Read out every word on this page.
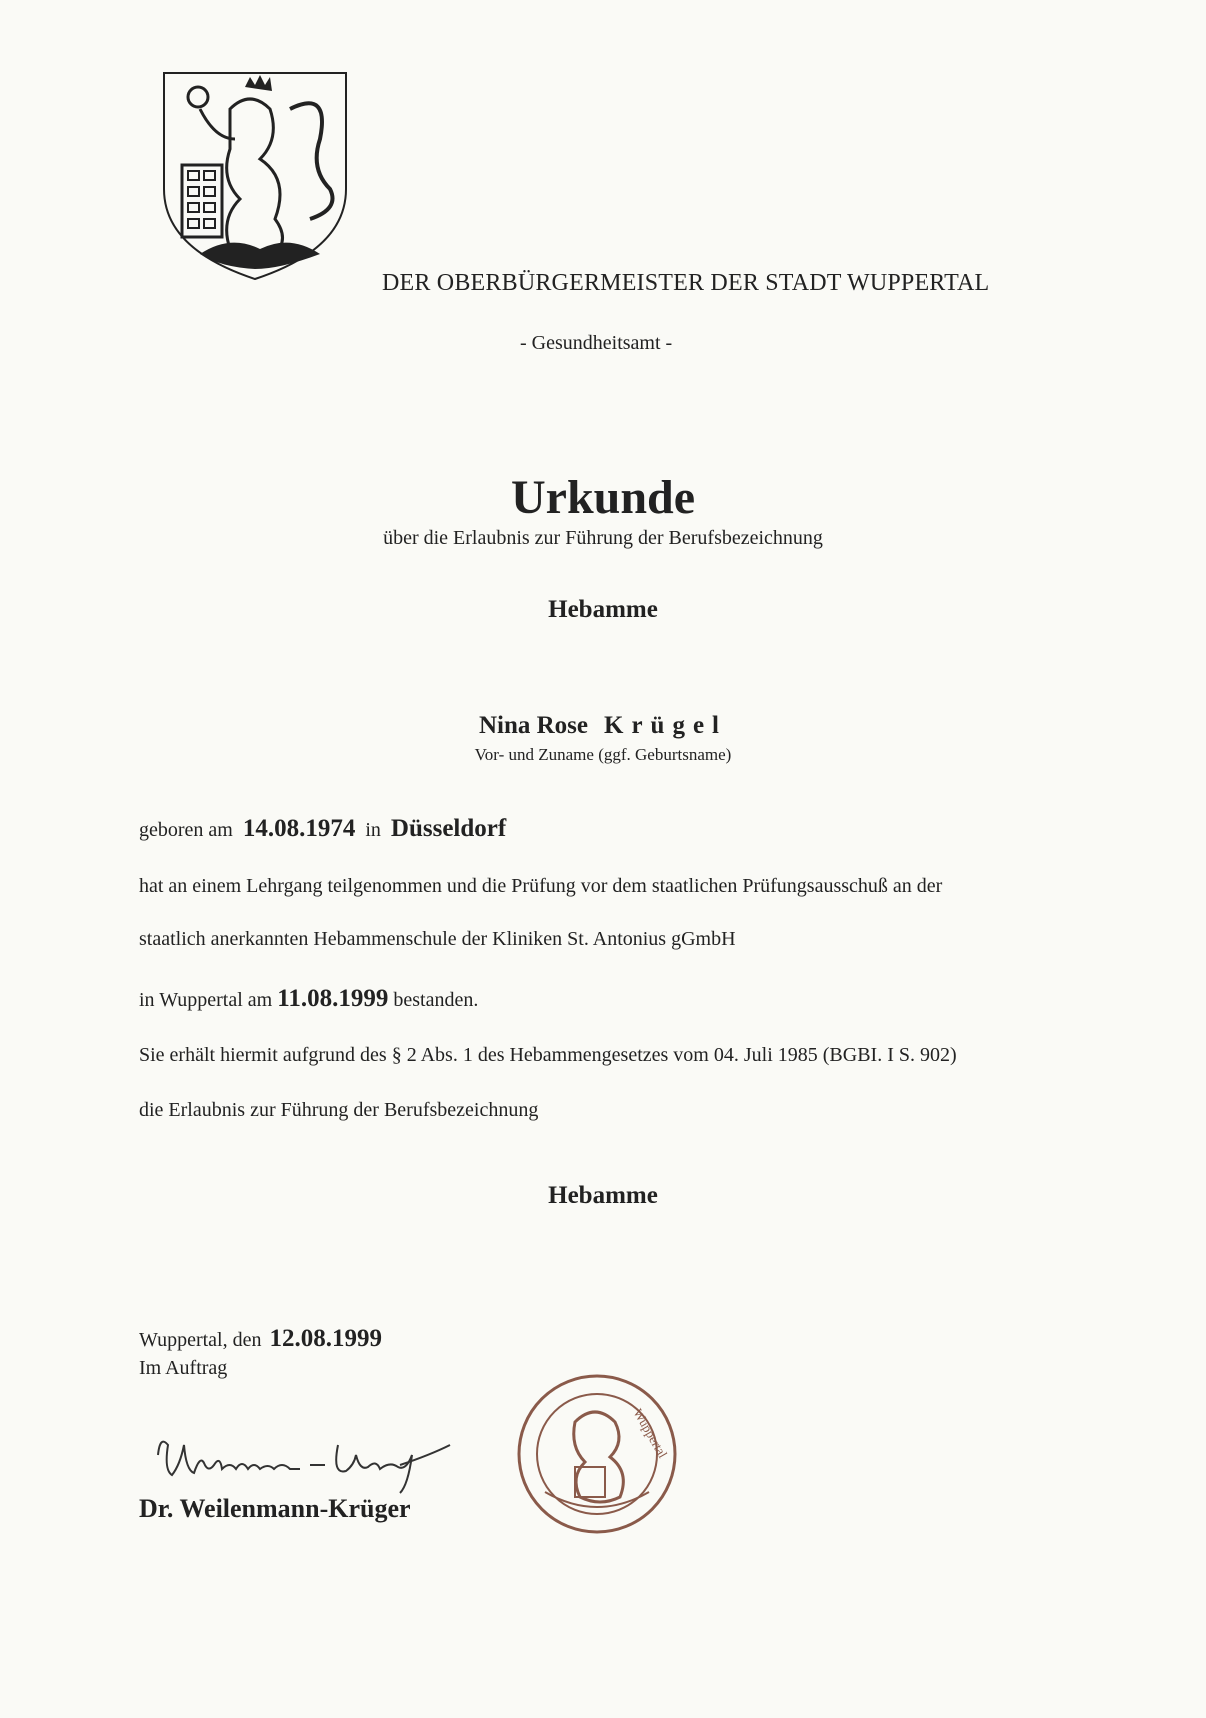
DER OBERBÜRGERMEISTER DER STADT WUPPERTAL
- Gesundheitsamt -
Urkunde
über die Erlaubnis zur Führung der Berufsbezeichnung
Hebamme
Nina Rose Krügel
Vor- und Zuname (ggf. Geburtsname)
geboren am 14.08.1974 in Düsseldorf
hat an einem Lehrgang teilgenommen und die Prüfung vor dem staatlichen Prüfungsausschuß an der
staatlich anerkannten Hebammenschule der Kliniken St. Antonius gGmbH
in Wuppertal am 11.08.1999 bestanden.
Sie erhält hiermit aufgrund des § 2 Abs. 1 des Hebammengesetzes vom 04. Juli 1985 (BGBI. I S. 902)
die Erlaubnis zur Führung der Berufsbezeichnung
Hebamme
Wuppertal, den 12.08.1999
Im Auftrag
Dr. Weilenmann-Krüger
Wuppertal
